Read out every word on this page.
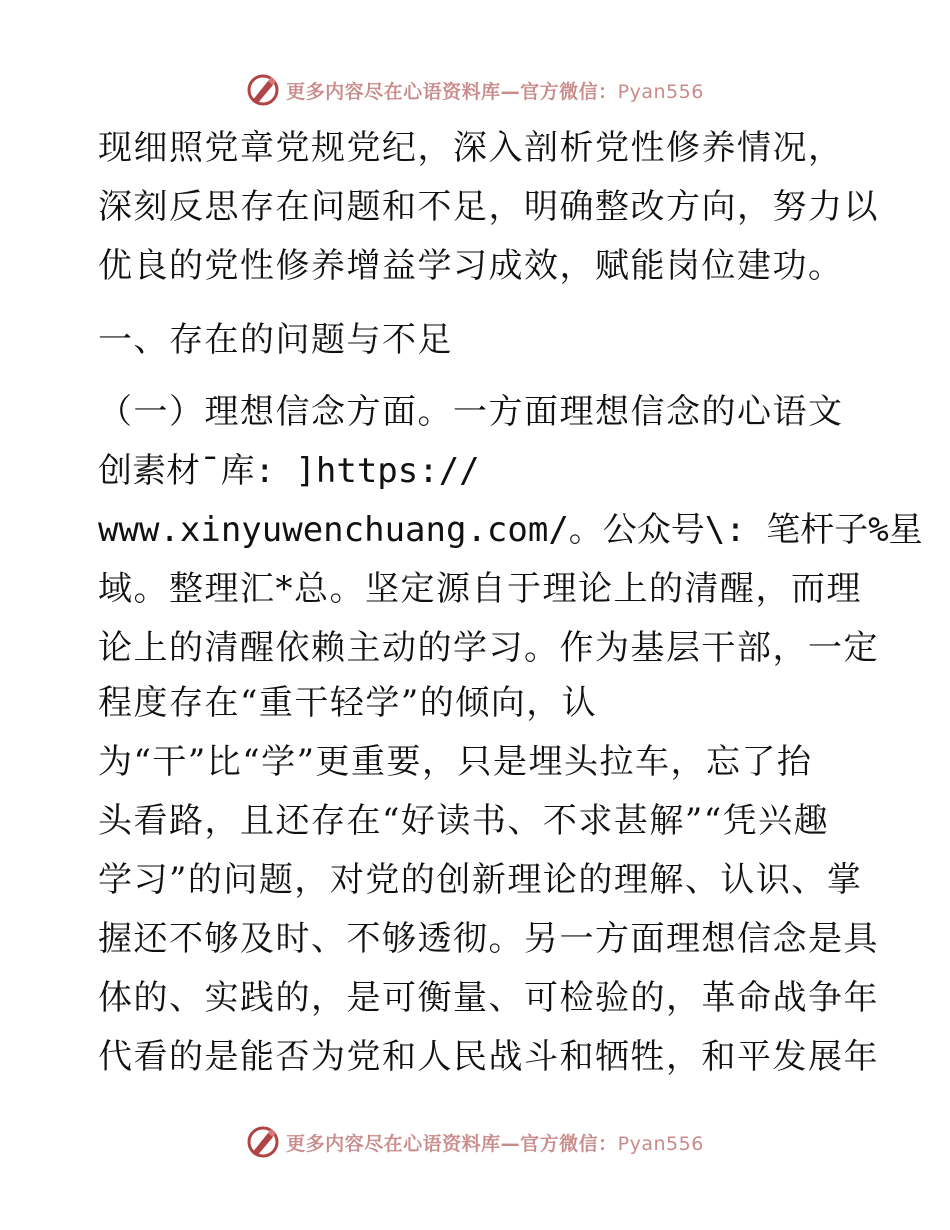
更多内容尽在心语资料库—官方微信：Pyan556
现细照党章党规党纪，深入剖析党性修养情况，
深刻反思存在问题和不足，明确整改方向，努力以
优良的党性修养增益学习成效，赋能岗位建功。
一、存在的问题与不足
（一）理想信念方面。一方面理想信念的心语文
创素材¯库: ]https://
www.xinyuwenchuang.com/。公众号\: 笔杆子%星
域。整理汇*总。坚定源自于理论上的清醒，而理
论上的清醒依赖主动的学习。作为基层干部，一定
程度存在“重干轻学”的倾向，认
为“干”比“学”更重要，只是埋头拉车，忘了抬
头看路，且还存在“好读书、不求甚解”“凭兴趣
学习”的问题，对党的创新理论的理解、认识、掌
握还不够及时、不够透彻。另一方面理想信念是具
体的、实践的，是可衡量、可检验的，革命战争年
代看的是能否为党和人民战斗和牺牲，和平发展年
更多内容尽在心语资料库—官方微信：Pyan556
